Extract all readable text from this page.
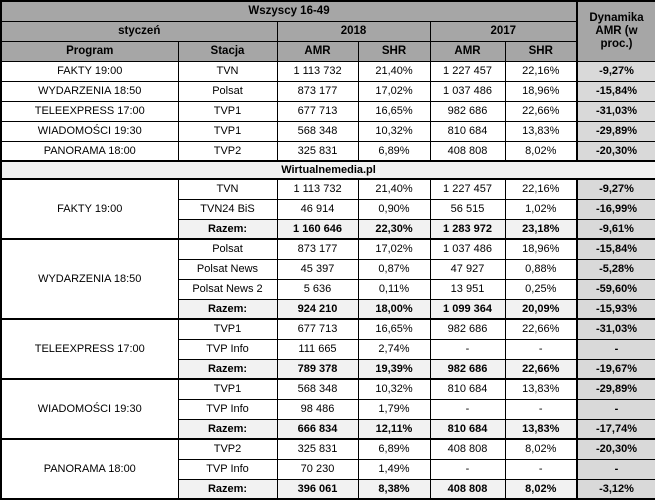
Wszyscy 16-49						Dynamika AMR (w proc.)
styczeń		2018		2017		
Program	Stacja	AMR	SHR	AMR	SHR	
FAKTY 19:00	TVN	1 113 732	21,40%	1 227 457	22,16%	-9,27%
WYDARZENIA 18:50	Polsat	873 177	17,02%	1 037 486	18,96%	-15,84%
TELEEXPRESS 17:00	TVP1	677 713	16,65%	982 686	22,66%	-31,03%
WIADOMOŚCI 19:30	TVP1	568 348	10,32%	810 684	13,83%	-29,89%
PANORAMA 18:00	TVP2	325 831	6,89%	408 808	8,02%	-20,30%
Wirtualnemedia.pl						
FAKTY 19:00	TVN	1 113 732	21,40%	1 227 457	22,16%	-9,27%
	TVN24 BiS	46 914	0,90%	56 515	1,02%	-16,99%
	Razem:	1 160 646	22,30%	1 283 972	23,18%	-9,61%
WYDARZENIA 18:50	Polsat	873 177	17,02%	1 037 486	18,96%	-15,84%
	Polsat News	45 397	0,87%	47 927	0,88%	-5,28%
	Polsat News 2	5 636	0,11%	13 951	0,25%	-59,60%
	Razem:	924 210	18,00%	1 099 364	20,09%	-15,93%
TELEEXPRESS 17:00	TVP1	677 713	16,65%	982 686	22,66%	-31,03%
	TVP Info	111 665	2,74%	-	-	-
	Razem:	789 378	19,39%	982 686	22,66%	-19,67%
WIADOMOŚCI 19:30	TVP1	568 348	10,32%	810 684	13,83%	-29,89%
	TVP Info	98 486	1,79%	-	-	-
	Razem:	666 834	12,11%	810 684	13,83%	-17,74%
PANORAMA 18:00	TVP2	325 831	6,89%	408 808	8,02%	-20,30%
	TVP Info	70 230	1,49%	-	-	-
	Razem:	396 061	8,38%	408 808	8,02%	-3,12%
